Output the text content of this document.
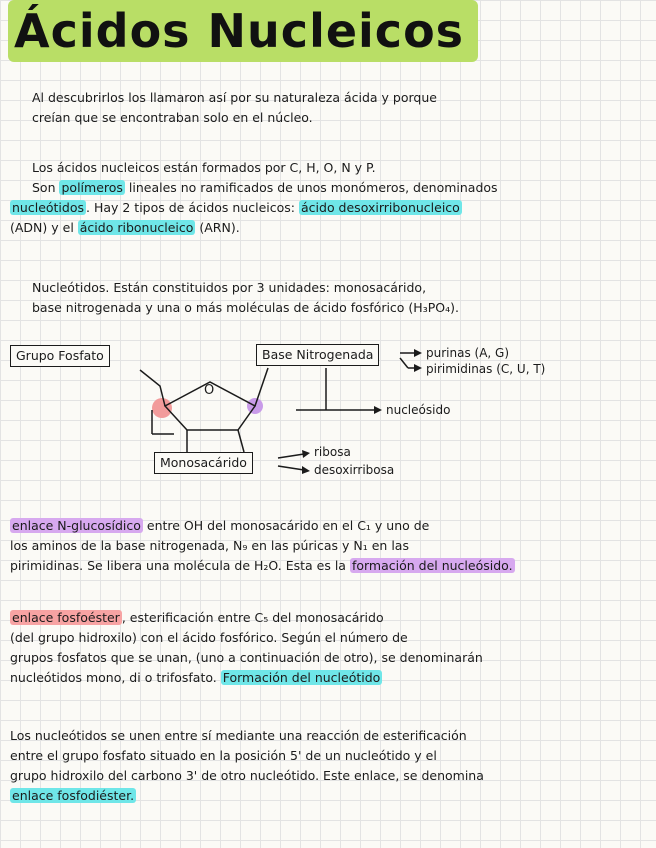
Ácidos Nucleicos
Al descubrirlos los llamaron así por su naturaleza ácida y porque
creían que se encontraban solo en el núcleo.
Los ácidos nucleicos están formados por C, H, O, N y P.
Son polímeros lineales no ramificados de unos monómeros, denominados
nucleótidos . Hay 2 tipos de ácidos nucleicos: ácido desoxirribonucleico
(ADN) y el ácido ribonucleico (ARN).
Nucleótidos. Están constituidos por 3 unidades: monosacárido,
base nitrogenada y una o más moléculas de ácido fosfórico (H₃PO₄).
Grupo Fosfato	Base Nitrogenada
Monosacárido
O
purinas (A, G)
pirimidinas (C, U, T)
nucleósido
ribosa
desoxirribosa
enlace N-glucosídico entre OH del monosacárido en el C₁ y uno de
los aminos de la base nitrogenada, N₉ en las púricas y N₁ en las
pirimidinas. Se libera una molécula de H₂O. Esta es la formación del nucleósido.
enlace fosfoéster , esterificación entre C₅ del monosacárido
(del grupo hidroxilo) con el ácido fosfórico. Según el número de
grupos fosfatos que se unan, (uno a continuación de otro), se denominarán
nucleótidos mono, di o trifosfato. Formación del nucleótido
Los nucleótidos se unen entre sí mediante una reacción de esterificación
entre el grupo fosfato situado en la posición 5' de un nucleótido y el
grupo hidroxilo del carbono 3' de otro nucleótido. Este enlace, se denomina
enlace fosfodiéster.
